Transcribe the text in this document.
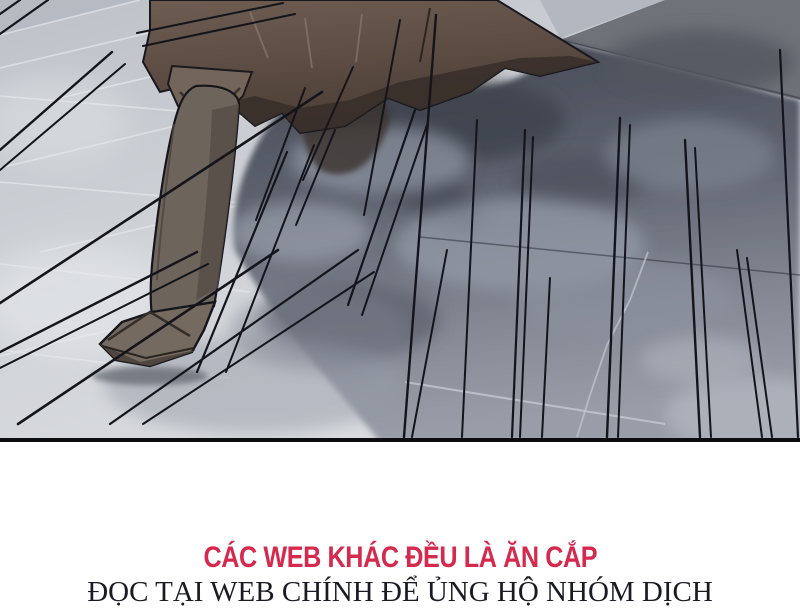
CÁC WEB KHÁC ĐỀU LÀ ĂN CẮP
ĐỌC TẠI WEB CHÍNH ĐỂ ỦNG HỘ NHÓM DỊCH
